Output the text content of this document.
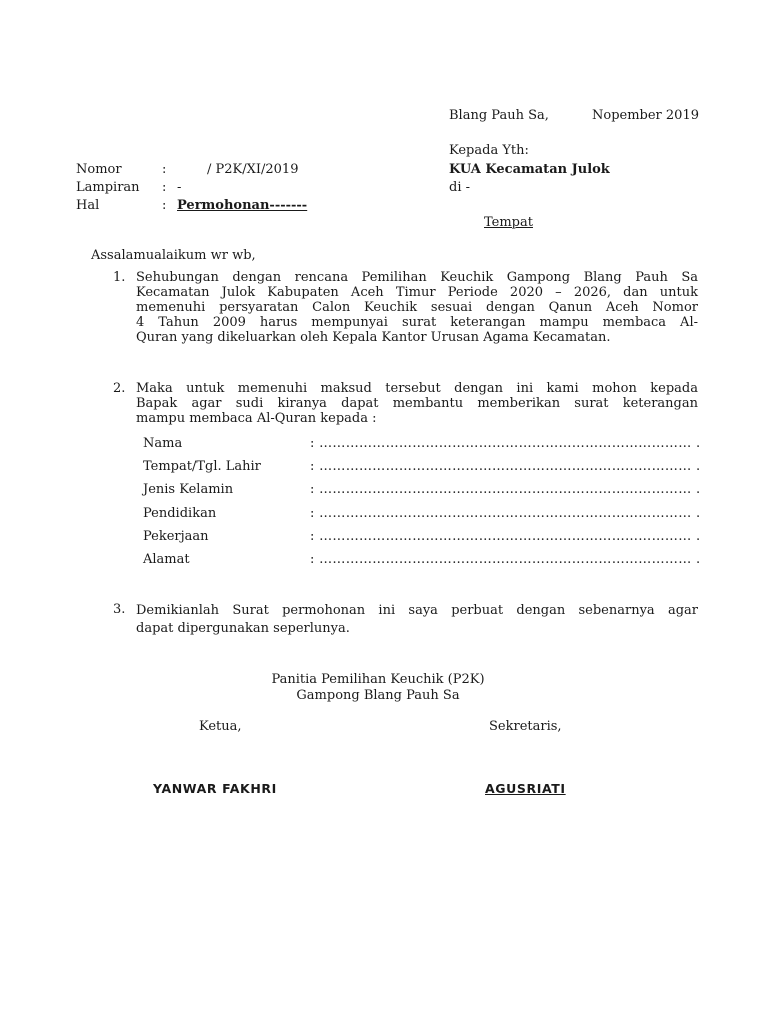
Blang Pauh Sa,	Nopember 2019
Kepada Yth:
KUA Kecamatan Julok
di -
Tempat
Nomor	:	/ P2K/XI/2019
Lampiran : -
Hal	: Permohonan-------
Assalamualaikum wr wb,
1. Sehubungan dengan rencana Pemilihan Keuchik Gampong Blang Pauh Sa
Kecamatan Julok Kabupaten Aceh Timur Periode 2020 – 2026, dan untuk
memenuhi persyaratan Calon Keuchik sesuai dengan Qanun Aceh Nomor
4 Tahun 2009 harus mempunyai surat keterangan mampu membaca Al-
Quran yang dikeluarkan oleh Kepala Kantor Urusan Agama Kecamatan.
2. Maka untuk memenuhi maksud tersebut dengan ini kami mohon kepada
Bapak agar sudi kiranya dapat membantu memberikan surat keterangan
mampu membaca Al-Quran kepada :
Nama	: ………………………………………………………………………… .
Tempat/Tgl. Lahir	: ………………………………………………………………………… .
Jenis Kelamin	: ………………………………………………………………………… .
Pendidikan	: ………………………………………………………………………… .
Pekerjaan	: ………………………………………………………………………… .
Alamat	: ………………………………………………………………………… .
3. Demikianlah Surat permohonan ini saya perbuat dengan sebenarnya agar
dapat dipergunakan seperlunya.
Panitia Pemilihan Keuchik (P2K)
Gampong Blang Pauh Sa
Ketua,	Sekretaris,
YANWAR FAKHRI	AGUSRIATI
